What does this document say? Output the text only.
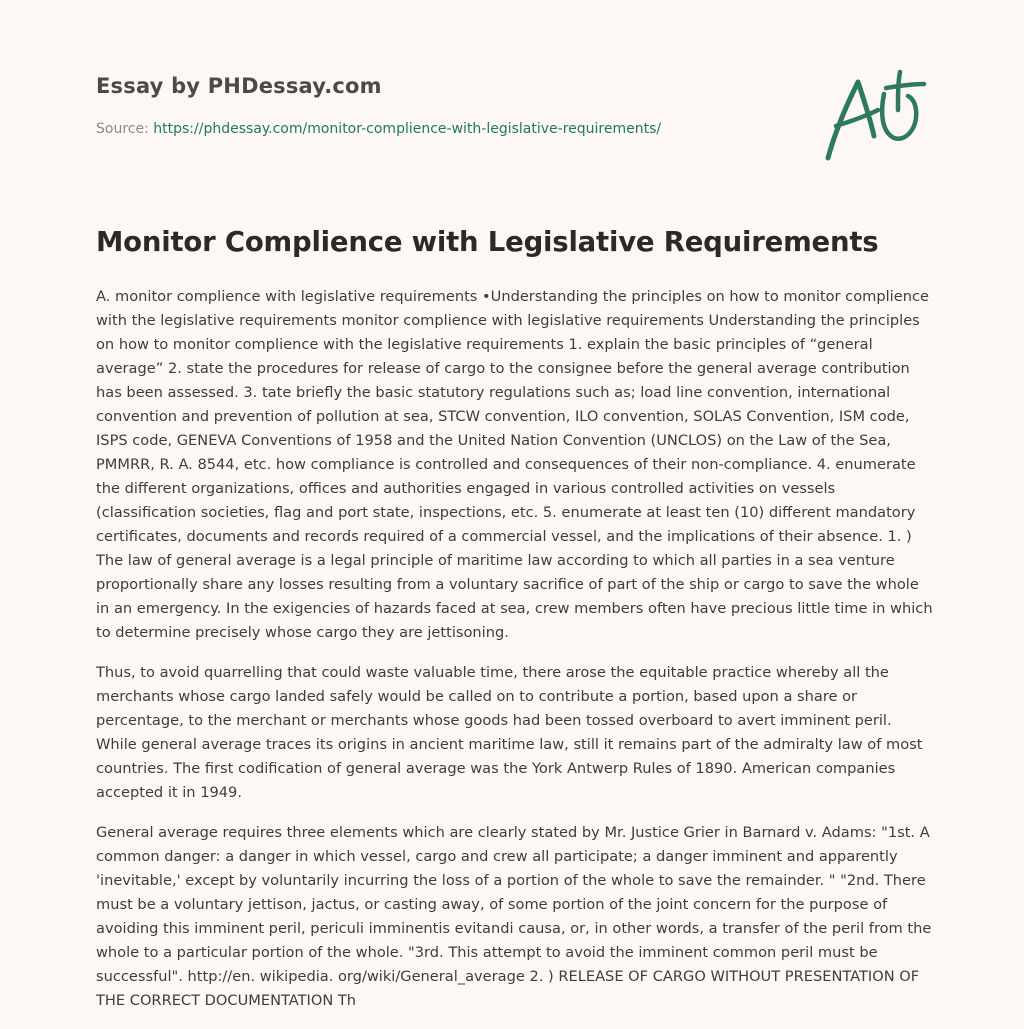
Essay by PHDessay.com
Source: https://phdessay.com/monitor-complience-with-legislative-requirements/
Monitor Complience with Legislative Requirements

A. monitor complience with legislative requirements •Understanding the principles on how to monitor complience with the legislative requirements monitor complience with legislative requirements Understanding the principles on how to monitor complience with the legislative requirements 1. explain the basic principles of “general average” 2. state the procedures for release of cargo to the consignee before the general average contribution has been assessed. 3. tate briefly the basic statutory regulations such as; load line convention, international convention and prevention of pollution at sea, STCW convention, ILO convention, SOLAS Convention, ISM code, ISPS code, GENEVA Conventions of 1958 and the United Nation Convention (UNCLOS) on the Law of the Sea, PMMRR, R. A. 8544, etc. how compliance is controlled and consequences of their non-compliance. 4. enumerate the different organizations, offices and authorities engaged in various controlled activities on vessels (classification societies, flag and port state, inspections, etc. 5. enumerate at least ten (10) different mandatory certificates, documents and records required of a commercial vessel, and the implications of their absence. 1. ) The law of general average is a legal principle of maritime law according to which all parties in a sea venture proportionally share any losses resulting from a voluntary sacrifice of part of the ship or cargo to save the whole in an emergency. In the exigencies of hazards faced at sea, crew members often have precious little time in which to determine precisely whose cargo they are jettisoning.

Thus, to avoid quarrelling that could waste valuable time, there arose the equitable practice whereby all the merchants whose cargo landed safely would be called on to contribute a portion, based upon a share or percentage, to the merchant or merchants whose goods had been tossed overboard to avert imminent peril. While general average traces its origins in ancient maritime law, still it remains part of the admiralty law of most countries. The first codification of general average was the York Antwerp Rules of 1890. American companies accepted it in 1949.

General average requires three elements which are clearly stated by Mr. Justice Grier in Barnard v. Adams: "1st. A common danger: a danger in which vessel, cargo and crew all participate; a danger imminent and apparently 'inevitable,' except by voluntarily incurring the loss of a portion of the whole to save the remainder. " "2nd. There must be a voluntary jettison, jactus, or casting away, of some portion of the joint concern for the purpose of avoiding this imminent peril, periculi imminentis evitandi causa, or, in other words, a transfer of the peril from the whole to a particular portion of the whole. "3rd. This attempt to avoid the imminent common peril must be successful". http://en. wikipedia. org/wiki/General_average 2. ) RELEASE OF CARGO WITHOUT PRESENTATION OF THE CORRECT DOCUMENTATION Th
